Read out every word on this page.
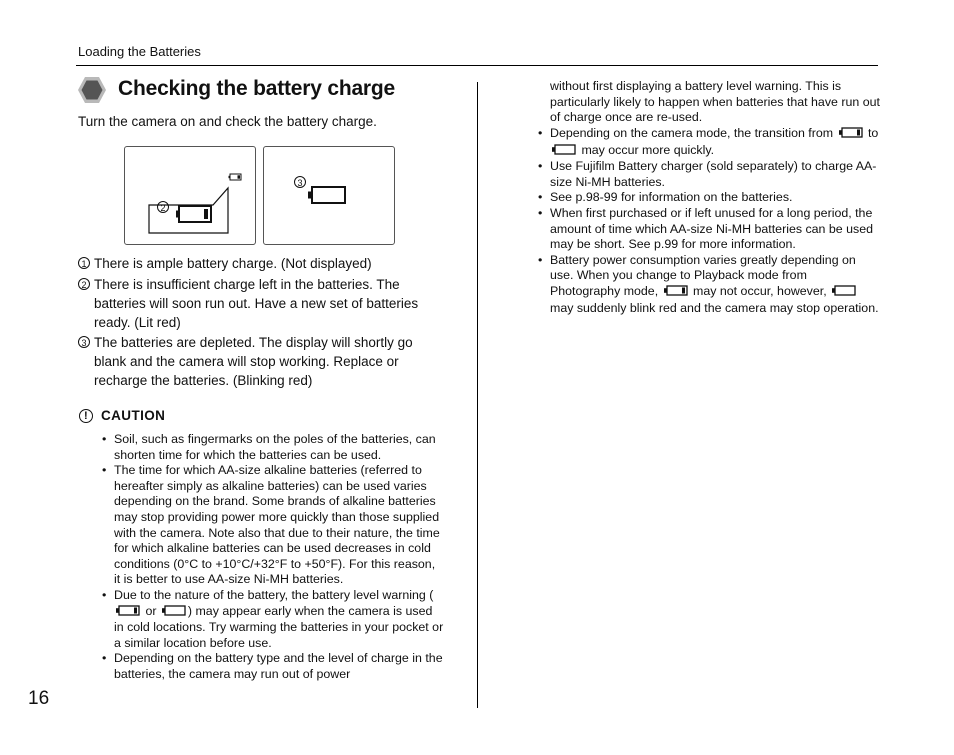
Loading the Batteries
Checking the battery charge
Turn the camera on and check the battery charge.
2
3
1 There is ample battery charge. (Not displayed)
2 There is insufficient charge left in the batteries. The batteries will soon run out. Have a new set of batteries ready. (Lit red)
3 The batteries are depleted. The display will shortly go blank and the camera will stop working. Replace or recharge the batteries. (Blinking red)
! CAUTION
• Soil, such as fingermarks on the poles of the batteries, can shorten time for which the batteries can be used.
• The time for which AA-size alkaline batteries (referred to hereafter simply as alkaline batteries) can be used varies depending on the brand. Some brands of alkaline batteries may stop providing power more quickly than those supplied with the camera. Note also that due to their nature, the time for which alkaline batteries can be used decreases in cold conditions (0°C to +10°C/+32°F to +50°F). For this reason, it is better to use AA-size Ni-MH batteries.
• Due to the nature of the battery, the battery level warning ( or ) may appear early when the camera is used in cold locations. Try warming the batteries in your pocket or a similar location before use.
• Depending on the battery type and the level of charge in the batteries, the camera may run out of power
without first displaying a battery level warning. This is particularly likely to happen when batteries that have run out of charge once are re-used.
• Depending on the camera mode, the transition from  to  may occur more quickly.
• Use Fujifilm Battery charger (sold separately) to charge AA-size Ni-MH batteries.
• See p.98-99 for information on the batteries.
• When first purchased or if left unused for a long period, the amount of time which AA-size Ni-MH batteries can be used may be short. See p.99 for more information.
• Battery power consumption varies greatly depending on use. When you change to Playback mode from Photography mode,  may not occur, however,  may suddenly blink red and the camera may stop operation.
16
